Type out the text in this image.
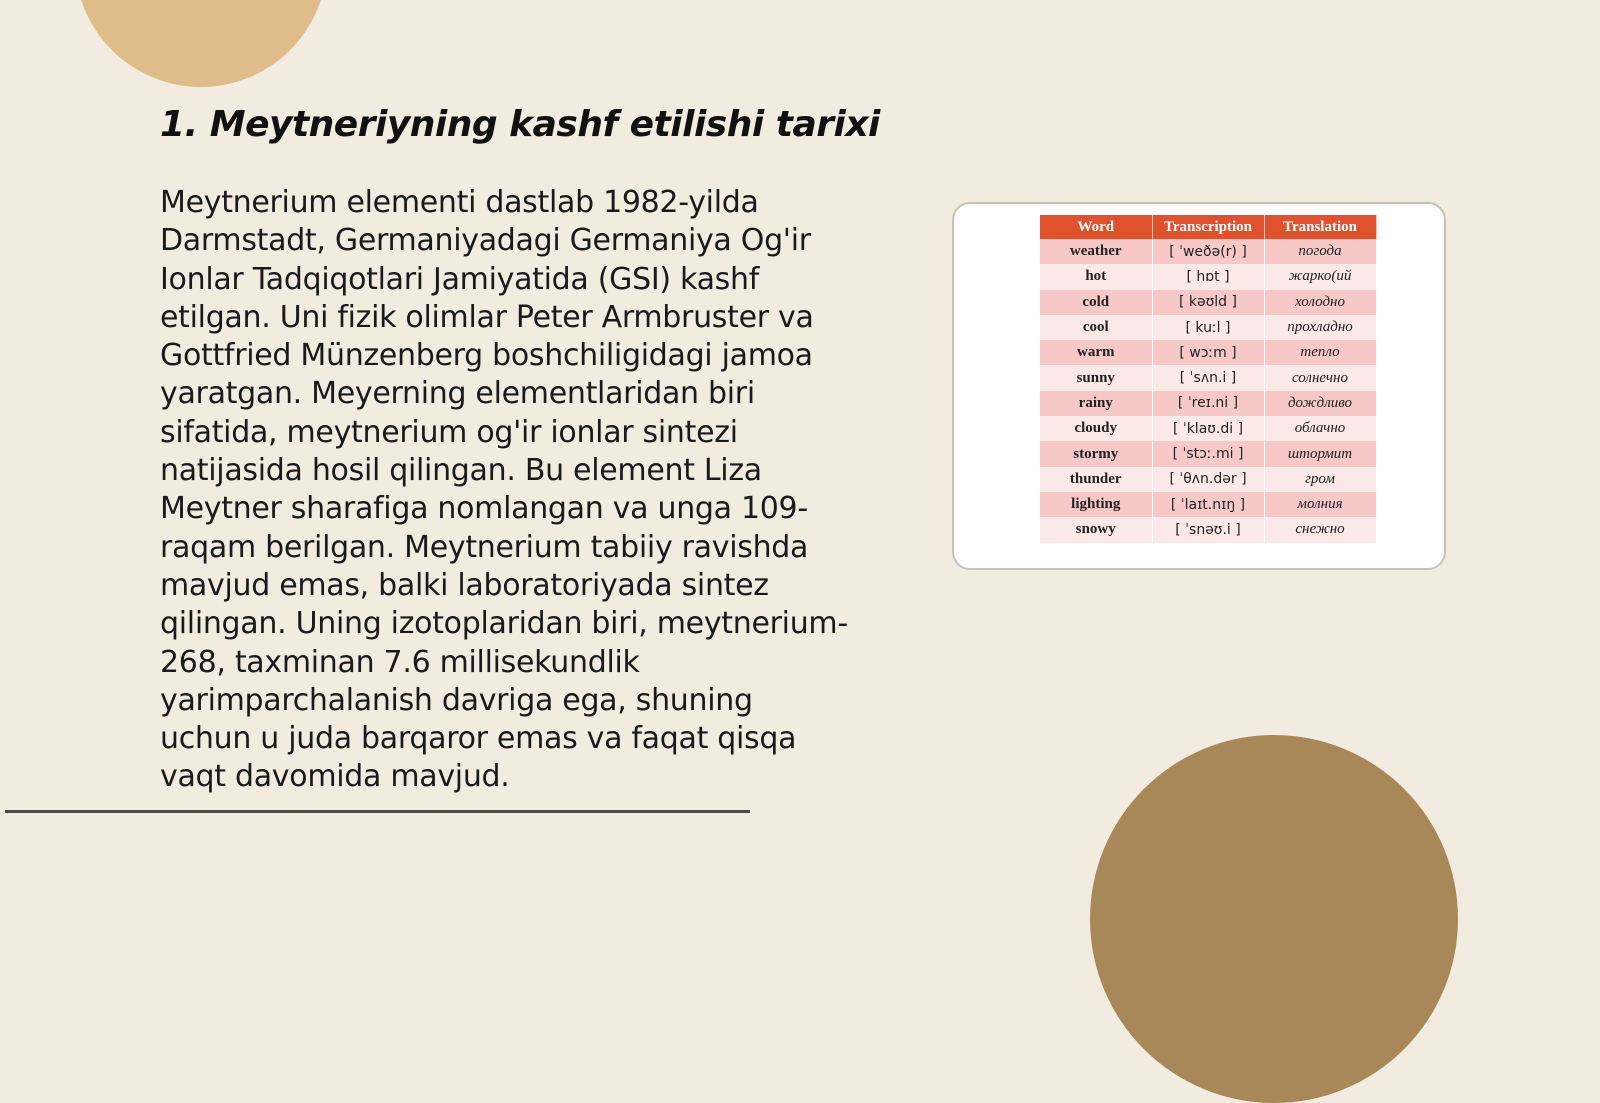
1. Meytneriyning kashf etilishi tarixi

Meytnerium elementi dastlab 1982-yilda Darmstadt, Germaniyadagi Germaniya Og'ir Ionlar Tadqiqotlari Jamiyatida (GSI) kashf etilgan. Uni fizik olimlar Peter Armbruster va Gottfried Münzenberg boshchiligidagi jamoa yaratgan. Meyerning elementlaridan biri sifatida, meytnerium og'ir ionlar sintezi natijasida hosil qilingan. Bu element Liza Meytner sharafiga nomlangan va unga 109-raqam berilgan. Meytnerium tabiiy ravishda mavjud emas, balki laboratoriyada sintez qilingan. Uning izotoplaridan biri, meytnerium-268, taxminan 7.6 millisekundlik yarimparchalanish davriga ega, shuning uchun u juda barqaror emas va faqat qisqa vaqt davomida mavjud.

Word	Transcription	Translation
weather	[ ˈweðə(r) ]	погода
hot	[ hɒt ]	жарко(ий
cold	[ kəʊld ]	холодно
cool	[ kuːl ]	прохладно
warm	[ wɔːm ]	тепло
sunny	[ ˈsʌn.i ]	солнечно
rainy	[ ˈreɪ.ni ]	дождливо
cloudy	[ ˈklaʊ.di ]	облачно
stormy	[ ˈstɔː.mi ]	штормит
thunder	[ ˈθʌn.dər ]	гром
lighting	[ ˈlaɪt.nɪŋ ]	молния
snowy	[ ˈsnəʊ.i ]	снежно
